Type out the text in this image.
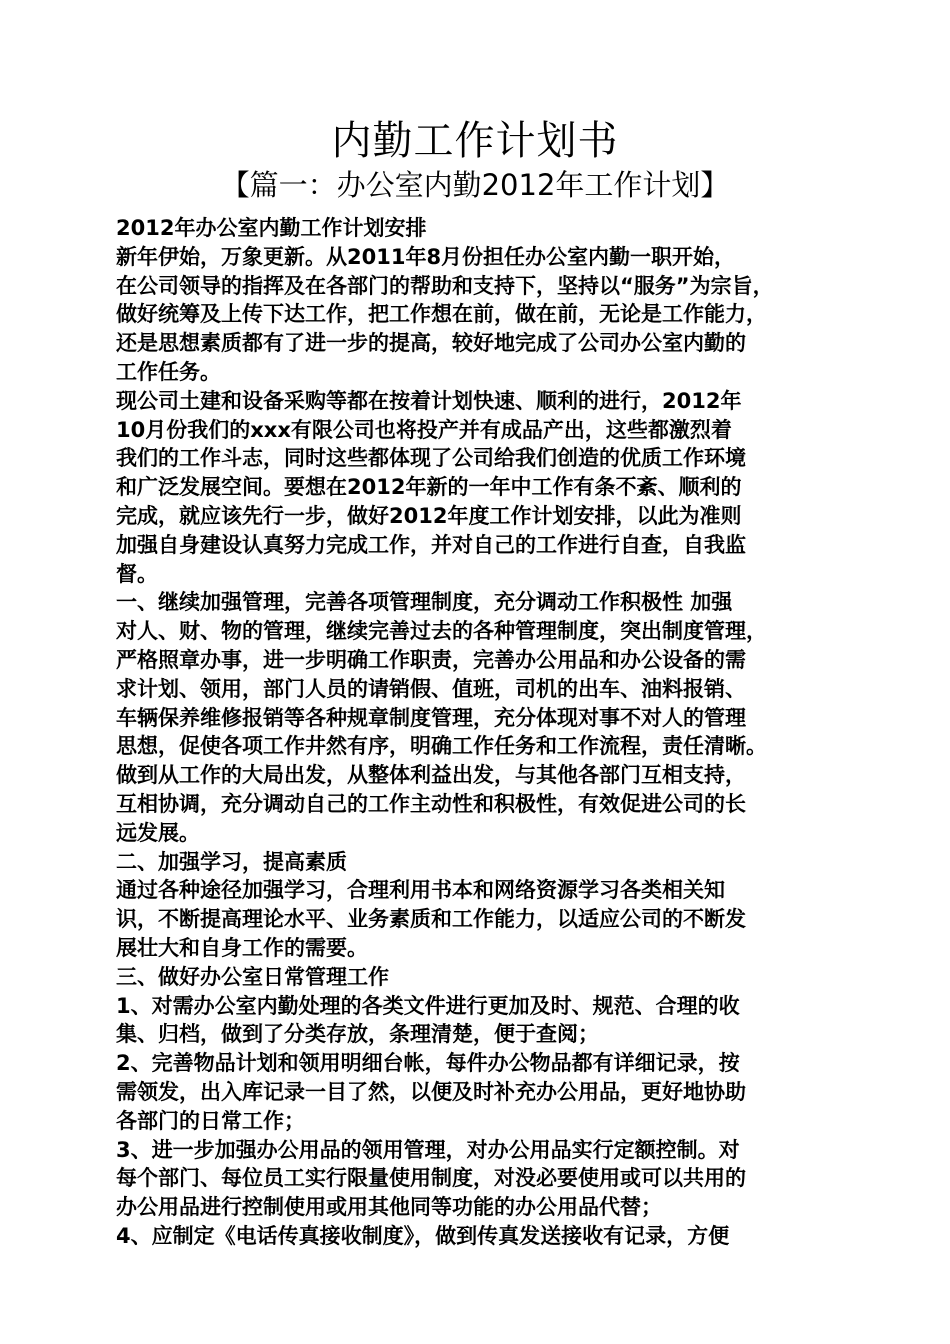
内勤工作计划书
【篇一：办公室内勤2012年工作计划】
2012年办公室内勤工作计划安排
新年伊始，万象更新。从2011年8月份担任办公室内勤一职开始，
在公司领导的指挥及在各部门的帮助和支持下，坚持以“服务”为宗旨，
做好统筹及上传下达工作，把工作想在前，做在前，无论是工作能力，
还是思想素质都有了进一步的提高，较好地完成了公司办公室内勤的
工作任务。
现公司土建和设备采购等都在按着计划快速、顺利的进行，2012年
10月份我们的xxx有限公司也将投产并有成品产出，这些都激烈着
我们的工作斗志，同时这些都体现了公司给我们创造的优质工作环境
和广泛发展空间。要想在2012年新的一年中工作有条不紊、顺利的
完成，就应该先行一步，做好2012年度工作计划安排，以此为准则
加强自身建设认真努力完成工作，并对自己的工作进行自查，自我监
督。
一、继续加强管理，完善各项管理制度，充分调动工作积极性 加强
对人、财、物的管理，继续完善过去的各种管理制度，突出制度管理，
严格照章办事，进一步明确工作职责，完善办公用品和办公设备的需
求计划、领用，部门人员的请销假、值班，司机的出车、油料报销、
车辆保养维修报销等各种规章制度管理，充分体现对事不对人的管理
思想，促使各项工作井然有序，明确工作任务和工作流程，责任清晰。
做到从工作的大局出发，从整体利益出发，与其他各部门互相支持，
互相协调，充分调动自己的工作主动性和积极性，有效促进公司的长
远发展。
二、加强学习，提高素质
通过各种途径加强学习，合理利用书本和网络资源学习各类相关知
识，不断提高理论水平、业务素质和工作能力，以适应公司的不断发
展壮大和自身工作的需要。
三、做好办公室日常管理工作
1、对需办公室内勤处理的各类文件进行更加及时、规范、合理的收
集、归档，做到了分类存放，条理清楚，便于查阅；
2、完善物品计划和领用明细台帐，每件办公物品都有详细记录，按
需领发，出入库记录一目了然，以便及时补充办公用品，更好地协助
各部门的日常工作；
3、进一步加强办公用品的领用管理，对办公用品实行定额控制。对
每个部门、每位员工实行限量使用制度，对没必要使用或可以共用的
办公用品进行控制使用或用其他同等功能的办公用品代替；
4、应制定《电话传真接收制度》，做到传真发送接收有记录，方便
